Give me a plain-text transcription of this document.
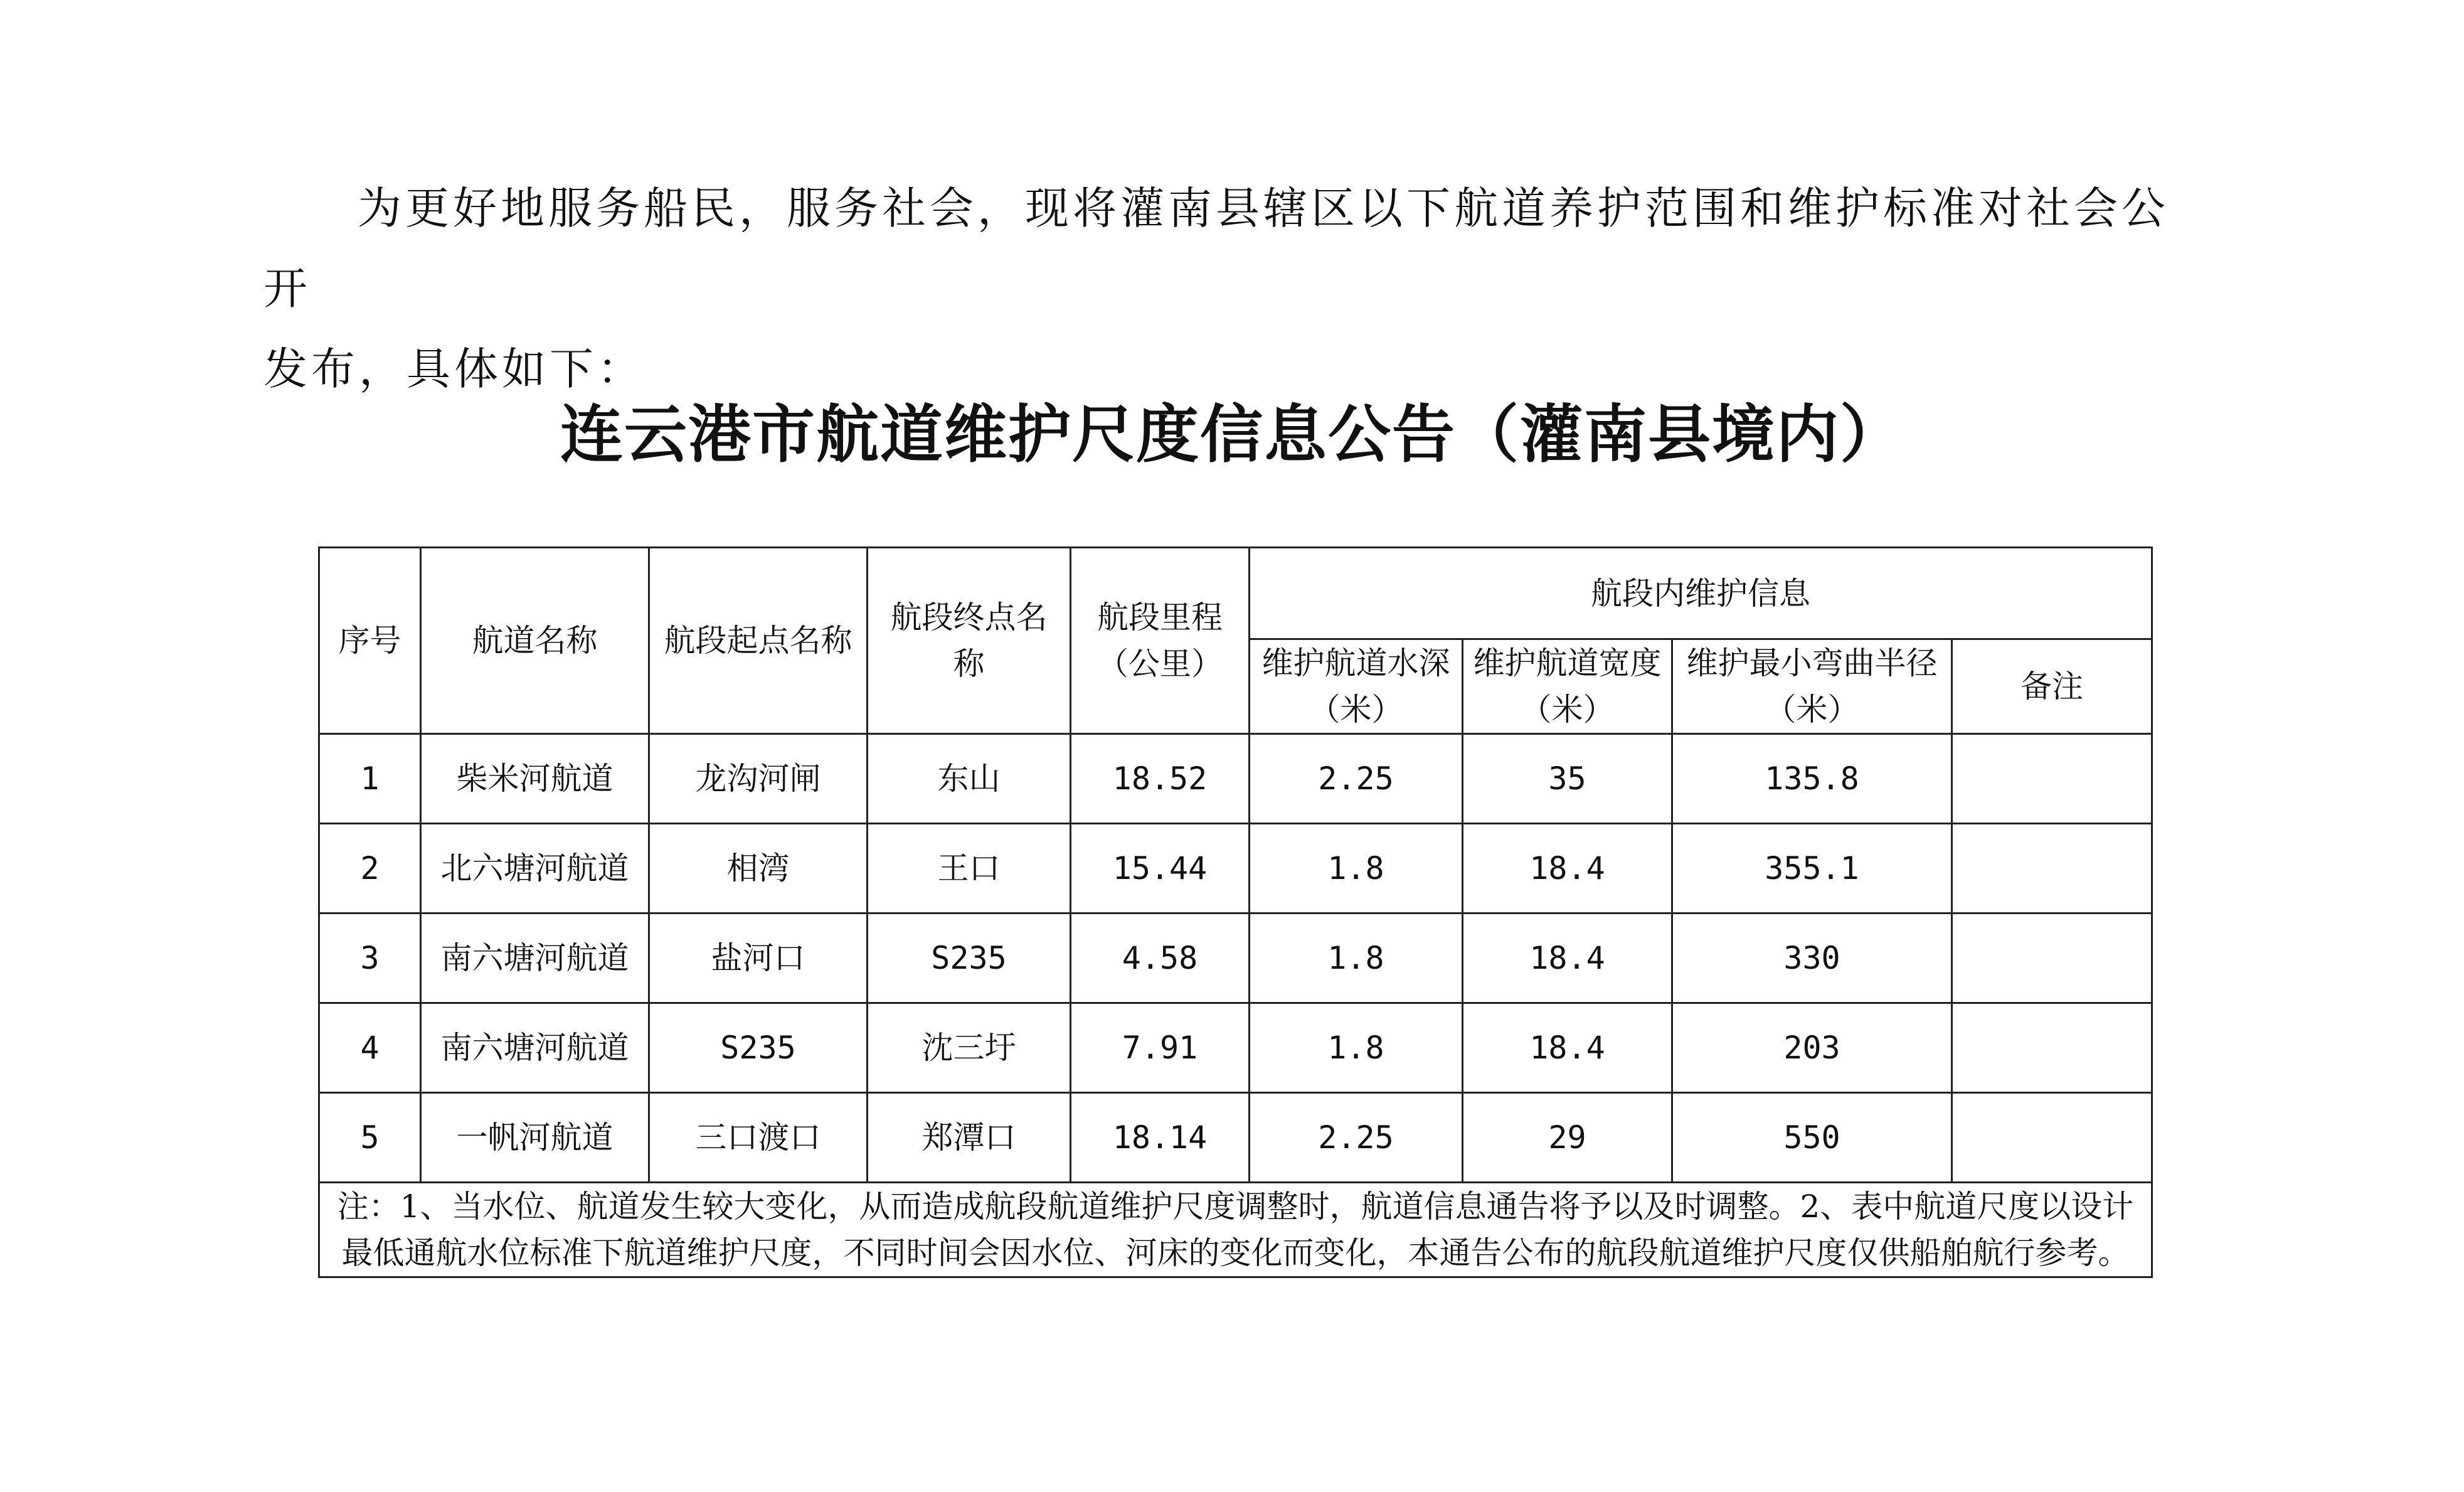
为更好地服务船民，服务社会，现将灌南县辖区以下航道养护范围和维护标准对社会公开
发布，具体如下：

连云港市航道维护尺度信息公告（灌南县境内）
序号	航道名称	航段起点名称	航段终点名称	航段里程（公里）	航段内维护信息			
					维护航道水深（米）	维护航道宽度（米）	维护最小弯曲半径（米）	备注
1	柴米河航道	龙沟河闸	东山	18.52	2.25	35	135.8	
2	北六塘河航道	相湾	王口	15.44	1.8	18.4	355.1	
3	南六塘河航道	盐河口	S235	4.58	1.8	18.4	330	
4	南六塘河航道	S235	沈三圩	7.91	1.8	18.4	203	
5	一帆河航道	三口渡口	郑潭口	18.14	2.25	29	550	
注：1、当水位、航道发生较大变化，从而造成航段航道维护尺度调整时，航道信息通告将予以及时调整。2、表中航道尺度以设计最低通航水位标准下航道维护尺度，不同时间会因水位、河床的变化而变化，本通告公布的航段航道维护尺度仅供船舶航行参考。								
